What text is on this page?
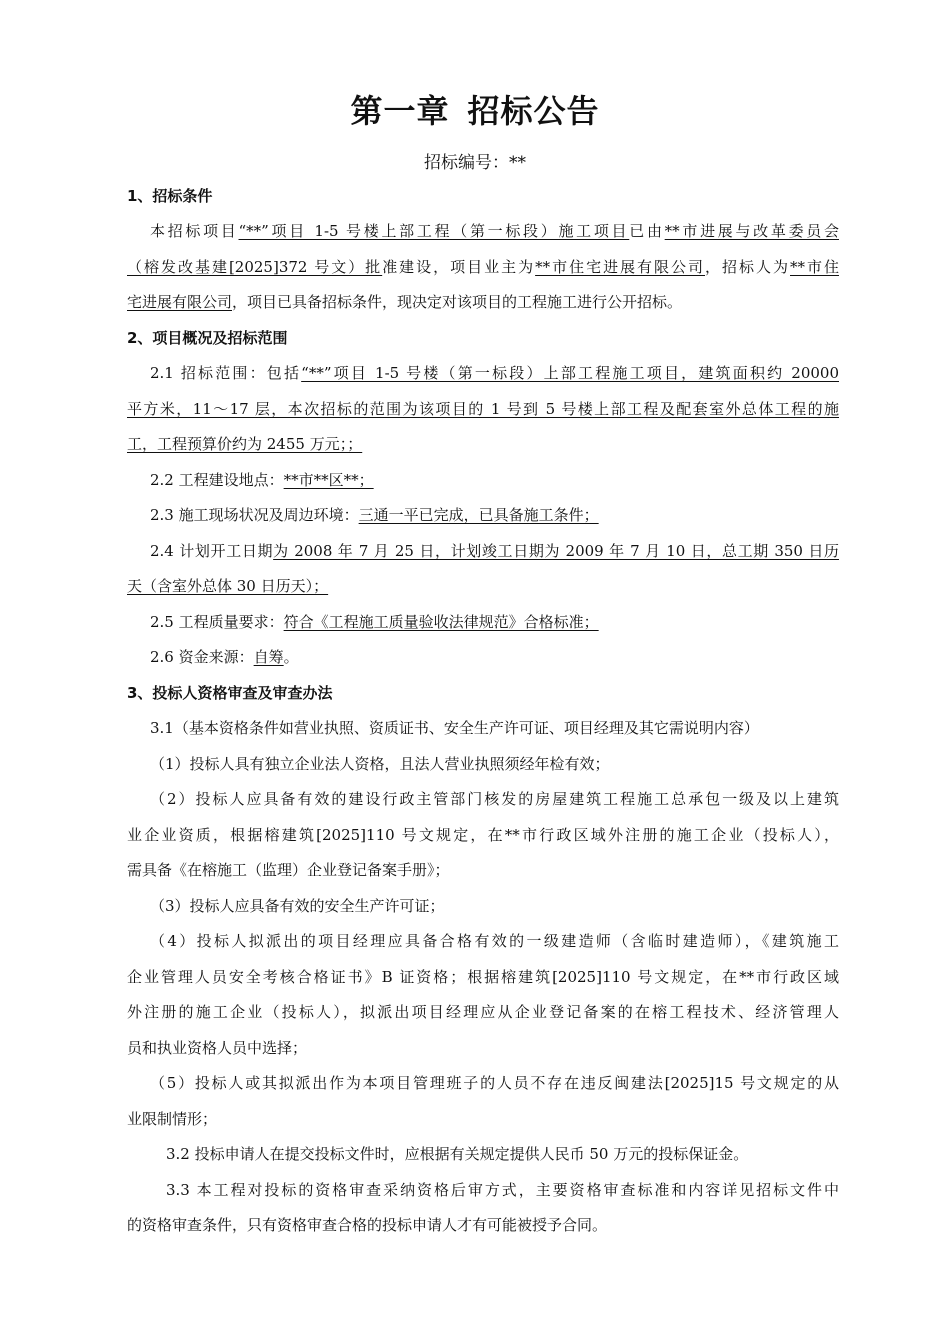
第一章 招标公告

招标编号：**

1、招标条件

本招标项目“**”项目 1-5 号楼上部工程（第一标段）施工项目已由**市进展与改革委员会

（榕发改基建[2025]372 号文）批准建设，项目业主为**市住宅进展有限公司，招标人为**市住

宅进展有限公司，项目已具备招标条件，现决定对该项目的工程施工进行公开招标。

2、项目概况及招标范围

2.1 招标范围：包括“**”项目 1-5 号楼（第一标段）上部工程施工项目，建筑面积约 20000

平方米，11～17 层，本次招标的范围为该项目的 1 号到 5 号楼上部工程及配套室外总体工程的施

工，工程预算价约为 2455 万元；；

2.2 工程建设地点：**市**区**；

2.3 施工现场状况及周边环境：三通一平已完成，已具备施工条件；

2.4 计划开工日期为 2008 年 7 月 25 日，计划竣工日期为 2009 年 7 月 10 日，总工期 350 日历

天（含室外总体 30 日历天）；

2.5 工程质量要求：符合《工程施工质量验收法律规范》合格标准；

2.6 资金来源：自筹。

3、投标人资格审查及审查办法

3.1（基本资格条件如营业执照、资质证书、安全生产许可证、项目经理及其它需说明内容）

（1）投标人具有独立企业法人资格，且法人营业执照须经年检有效；

（2）投标人应具备有效的建设行政主管部门核发的房屋建筑工程施工总承包一级及以上建筑

业企业资质，根据榕建筑[2025]110 号文规定，在**市行政区域外注册的施工企业（投标人），

需具备《在榕施工（监理）企业登记备案手册》；

（3）投标人应具备有效的安全生产许可证；

（4）投标人拟派出的项目经理应具备合格有效的一级建造师（含临时建造师），《建筑施工

企业管理人员安全考核合格证书》B 证资格；根据榕建筑[2025]110 号文规定，在**市行政区域

外注册的施工企业（投标人），拟派出项目经理应从企业登记备案的在榕工程技术、经济管理人

员和执业资格人员中选择；

（5）投标人或其拟派出作为本项目管理班子的人员不存在违反闽建法[2025]15 号文规定的从

业限制情形；

3.2 投标申请人在提交投标文件时，应根据有关规定提供人民币 50 万元的投标保证金。

3.3 本工程对投标的资格审查采纳资格后审方式，主要资格审查标准和内容详见招标文件中

的资格审查条件，只有资格审查合格的投标申请人才有可能被授予合同。
